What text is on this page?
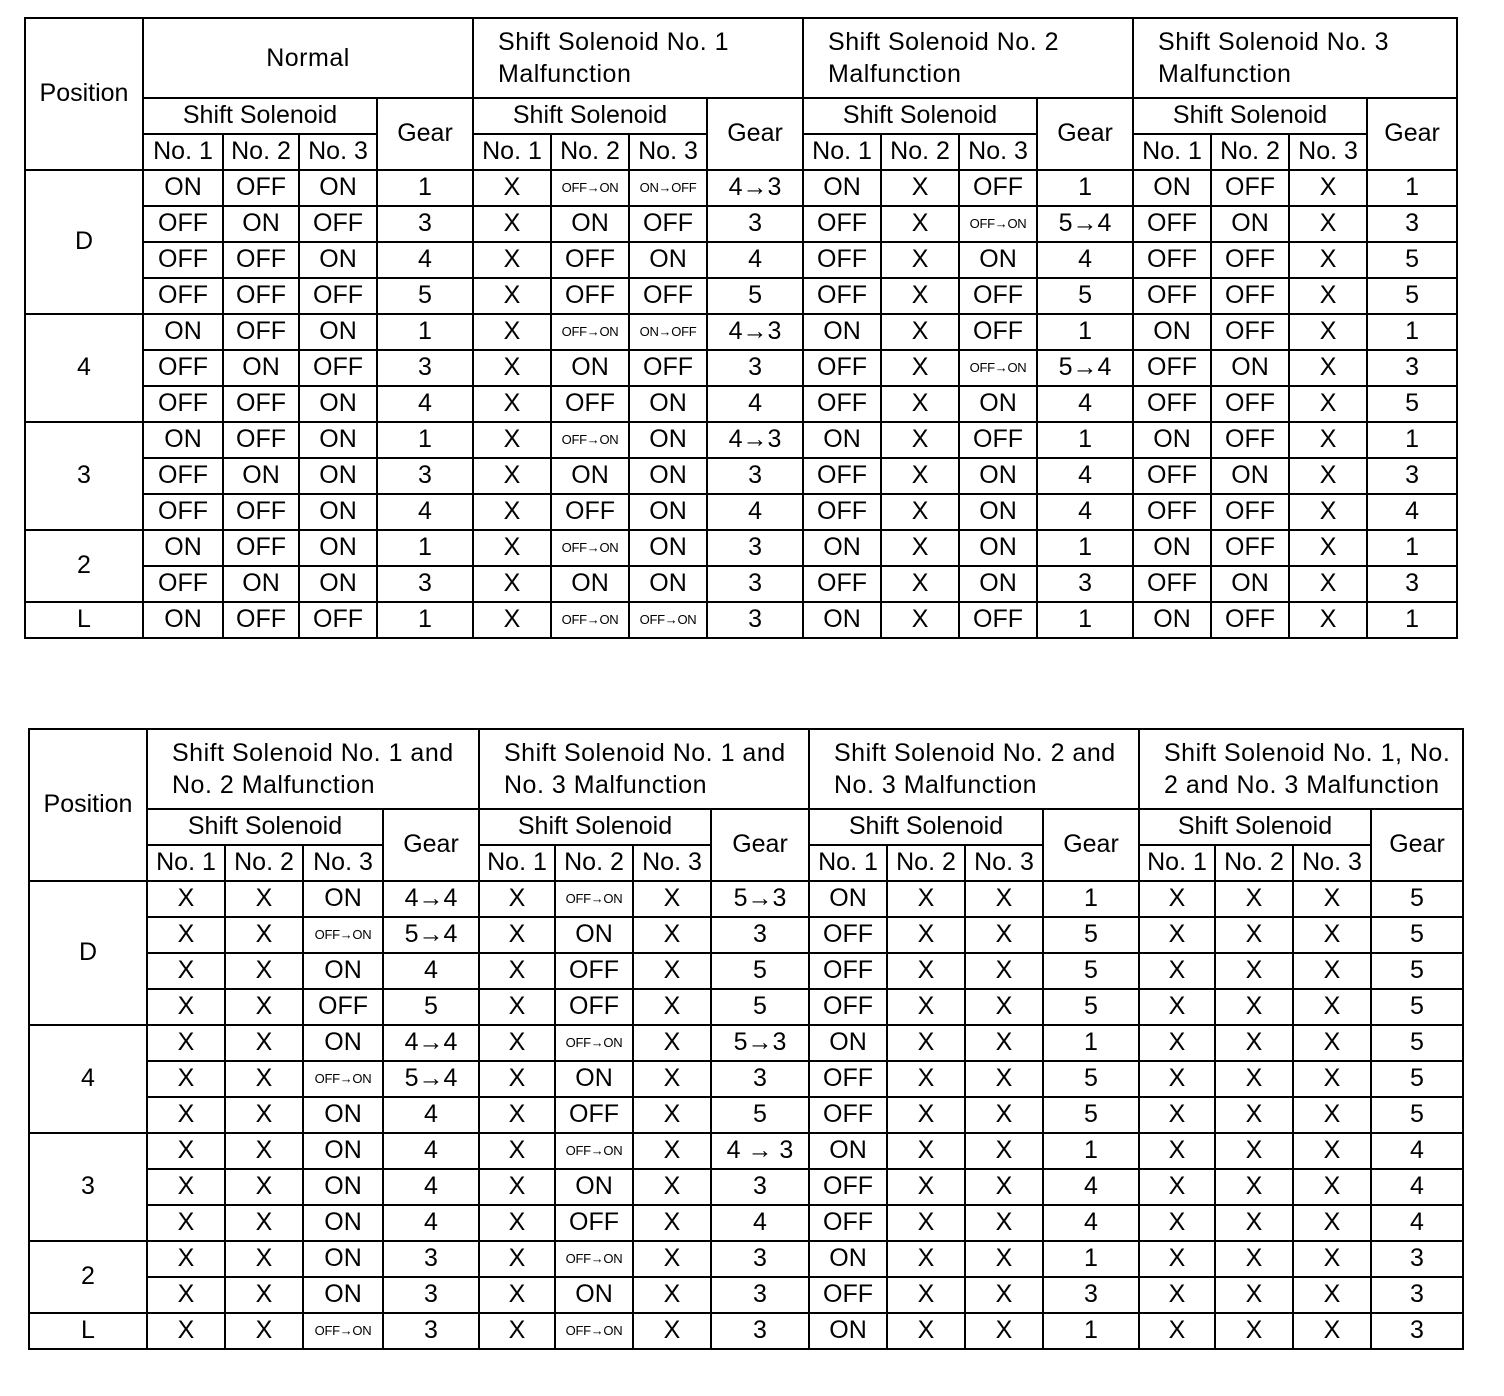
Position	Normal				Shift Solenoid No. 1 Malfunction				Shift Solenoid No. 2 Malfunction				Shift Solenoid No. 3 Malfunction			
	Shift Solenoid			Gear	Shift Solenoid			Gear	Shift Solenoid			Gear	Shift Solenoid			Gear
	No. 1	No. 2	No. 3		No. 1	No. 2	No. 3		No. 1	No. 2	No. 3		No. 1	No. 2	No. 3	
D	ON	OFF	ON	1	X	OFF→ON	ON→OFF	4→3	ON	X	OFF	1	ON	OFF	X	1
	OFF	ON	OFF	3	X	ON	OFF	3	OFF	X	OFF→ON	5→4	OFF	ON	X	3
	OFF	OFF	ON	4	X	OFF	ON	4	OFF	X	ON	4	OFF	OFF	X	5
	OFF	OFF	OFF	5	X	OFF	OFF	5	OFF	X	OFF	5	OFF	OFF	X	5
4	ON	OFF	ON	1	X	OFF→ON	ON→OFF	4→3	ON	X	OFF	1	ON	OFF	X	1
	OFF	ON	OFF	3	X	ON	OFF	3	OFF	X	OFF→ON	5→4	OFF	ON	X	3
	OFF	OFF	ON	4	X	OFF	ON	4	OFF	X	ON	4	OFF	OFF	X	5
3	ON	OFF	ON	1	X	OFF→ON	ON	4→3	ON	X	OFF	1	ON	OFF	X	1
	OFF	ON	ON	3	X	ON	ON	3	OFF	X	ON	4	OFF	ON	X	3
	OFF	OFF	ON	4	X	OFF	ON	4	OFF	X	ON	4	OFF	OFF	X	4
2	ON	OFF	ON	1	X	OFF→ON	ON	3	ON	X	ON	1	ON	OFF	X	1
	OFF	ON	ON	3	X	ON	ON	3	OFF	X	ON	3	OFF	ON	X	3
L	ON	OFF	OFF	1	X	OFF→ON	OFF→ON	3	ON	X	OFF	1	ON	OFF	X	1
Position	Shift Solenoid No. 1 and No. 2 Malfunction				Shift Solenoid No. 1 and No. 3 Malfunction				Shift Solenoid No. 2 and No. 3 Malfunction				Shift Solenoid No. 1, No. 2 and No. 3 Malfunction			
	Shift Solenoid			Gear	Shift Solenoid			Gear	Shift Solenoid			Gear	Shift Solenoid			Gear
	No. 1	No. 2	No. 3		No. 1	No. 2	No. 3		No. 1	No. 2	No. 3		No. 1	No. 2	No. 3	
D	X	X	ON	4→4	X	OFF→ON	X	5→3	ON	X	X	1	X	X	X	5
	X	X	OFF→ON	5→4	X	ON	X	3	OFF	X	X	5	X	X	X	5
	X	X	ON	4	X	OFF	X	5	OFF	X	X	5	X	X	X	5
	X	X	OFF	5	X	OFF	X	5	OFF	X	X	5	X	X	X	5
4	X	X	ON	4→4	X	OFF→ON	X	5→3	ON	X	X	1	X	X	X	5
	X	X	OFF→ON	5→4	X	ON	X	3	OFF	X	X	5	X	X	X	5
	X	X	ON	4	X	OFF	X	5	OFF	X	X	5	X	X	X	5
3	X	X	ON	4	X	OFF→ON	X	4 → 3	ON	X	X	1	X	X	X	4
	X	X	ON	4	X	ON	X	3	OFF	X	X	4	X	X	X	4
	X	X	ON	4	X	OFF	X	4	OFF	X	X	4	X	X	X	4
2	X	X	ON	3	X	OFF→ON	X	3	ON	X	X	1	X	X	X	3
	X	X	ON	3	X	ON	X	3	OFF	X	X	3	X	X	X	3
L	X	X	OFF→ON	3	X	OFF→ON	X	3	ON	X	X	1	X	X	X	3
